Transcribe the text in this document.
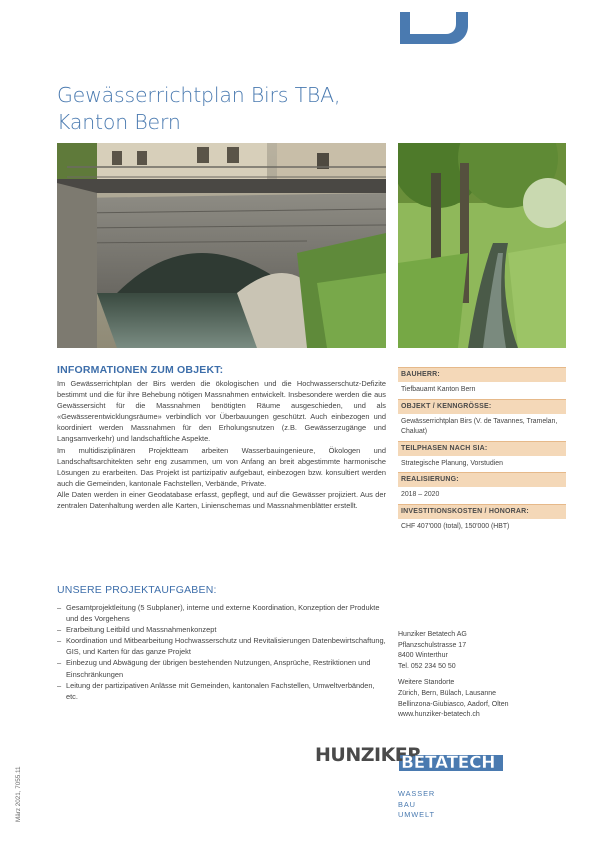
Gewässerrichtplan Birs TBA,
Kanton Bern
INFORMATIONEN ZUM OBJEKT:

Im Gewässerrichtplan der Birs werden die ökologischen und die Hochwasserschutz-Defizite bestimmt und die für ihre Behebung nötigen Massnahmen entwickelt. Insbesondere werden die aus Gewässersicht für die Massnahmen benötigten Räume ausgeschieden, und als «Gewässerentwicklungsräume» verbindlich vor Überbauungen geschützt. Auch einbezogen und koordiniert werden Massnahmen für den Erholungsnutzen (z.B. Gewässerzugänge und Langsamverkehr) und landschaftliche Aspekte.

Im multidisziplinären Projektteam arbeiten Wasserbauingenieure, Ökologen und Landschaftsarchitekten sehr eng zusammen, um von Anfang an breit abgestimmte harmonische Lösungen zu erarbeiten. Das Projekt ist partizipativ aufgebaut, einbezogen bzw. konsultiert werden auch die Gemeinden, kantonale Fachstellen, Verbände, Private.

Alle Daten werden in einer Geodatabase erfasst, gepflegt, und auf die Gewässer projiziert. Aus der zentralen Datenhaltung werden alle Karten, Linienschemas und Massnahmenblätter erstellt.

UNSERE PROJEKTAUFGABEN:
– Gesamtprojektleitung (5 Subplaner), interne und externe Koordination, Konzeption der Produkte und des Vorgehens
– Erarbeitung Leitbild und Massnahmenkonzept
– Koordination und Mitbearbeitung Hochwasserschutz und Revitalisierungen Datenbewirtschaftung, GIS, und Karten für das ganze Projekt
– Einbezug und Abwägung der übrigen bestehenden Nutzungen, Ansprüche, Restriktionen und Einschränkungen
– Leitung der partizipativen Anlässe mit Gemeinden, kantonalen Fachstellen, Umweltverbänden, etc.
BAUHERR:
Tiefbauamt Kanton Bern
OBJEKT / KENNGRÖSSE:
Gewässerrichtplan Birs (V. de Tavannes, Tramelan, Chaluat)
TEILPHASEN NACH SIA:
Strategische Planung, Vorstudien
REALISIERUNG:
2018 – 2020
INVESTITIONSKOSTEN / HONORAR:
CHF 407'000 (total), 150'000 (HBT)
Hunziker Betatech AG
Pflanzschulstrasse 17
8400 Winterthur
Tel. 052 234 50 50
Weitere Standorte
Zürich, Bern, Bülach, Lausanne
Bellinzona-Giubiasco, Aadorf, Olten
www.hunziker-betatech.ch
HUNZIKER
BETATECH
WASSER
BAU
UMWELT
März 2021, 7055.11
